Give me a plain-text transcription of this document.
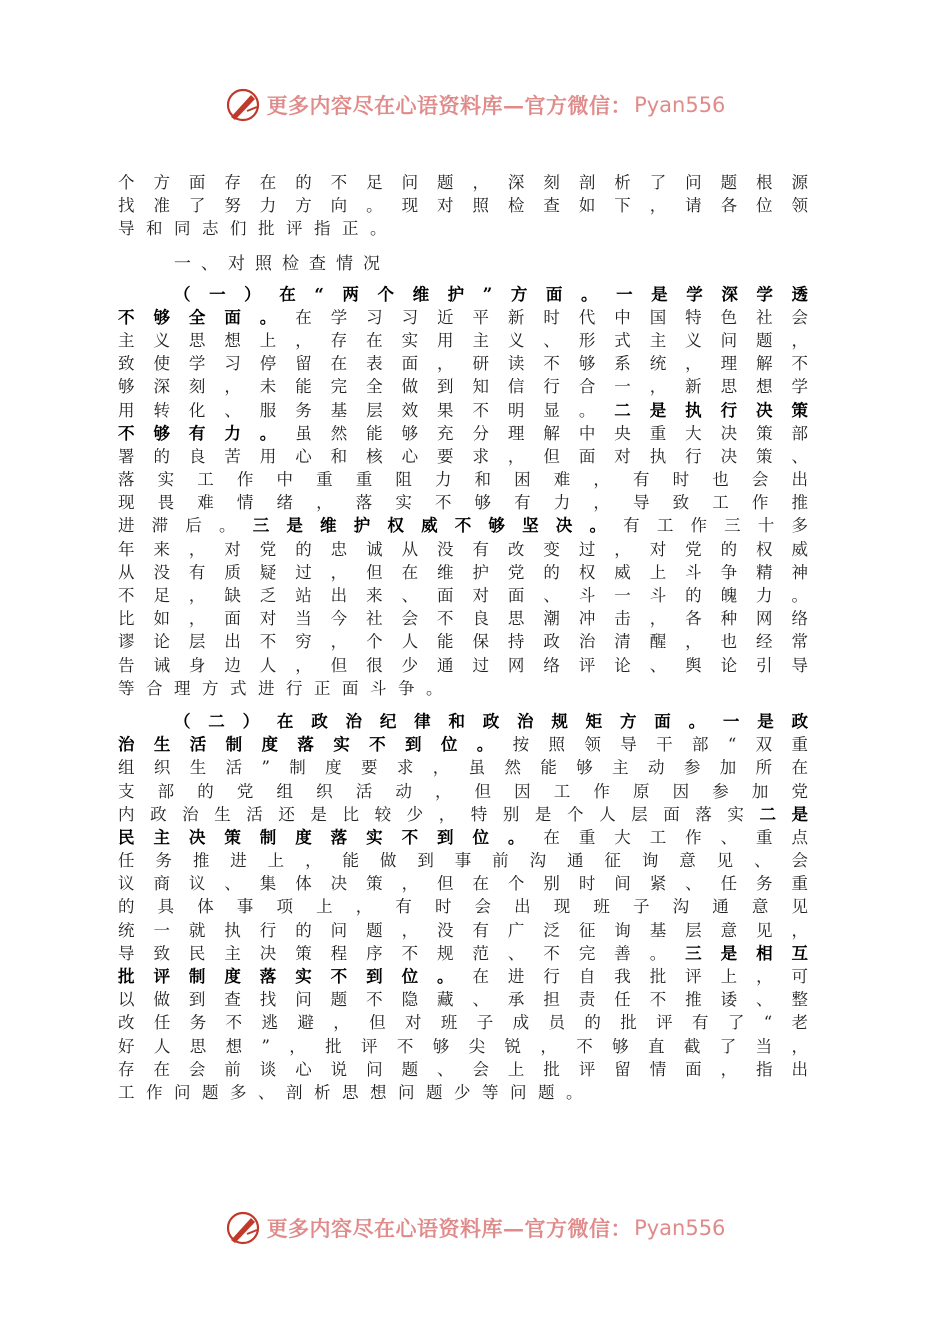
更多内容尽在心语资料库—官方微信： Pyan556
个方面存在的不足问题，深刻剖析了问题根源
找准了努力方向。现对照检查如下，请各位领
导和同志们批评指正。
一、对照检查情况
（一）在“两个维护”方面。一是学深学透
不够全面。在学习习近平新时代中国特色社会
主义思想上，存在实用主义、形式主义问题，
致使学习停留在表面，研读不够系统，理解不
够深刻，未能完全做到知信行合一，新思想学
用转化、服务基层效果不明显。二是执行决策
不够有力。虽然能够充分理解中央重大决策部
署的良苦用心和核心要求，但面对执行决策、
落实工作中重重阻力和困难，有时也会出
现畏难情绪，落实不够有力，导致工作推
进滞后。三是维护权威不够坚决。有工作三十多
年来，对党的忠诚从没有改变过，对党的权威
从没有质疑过，但在维护党的权威上斗争精神
不足，缺乏站出来、面对面、斗一斗的魄力。
比如，面对当今社会不良思潮冲击，各种网络
谬论层出不穷，个人能保持政治清醒，也经常
告诫身边人，但很少通过网络评论、舆论引导
等合理方式进行正面斗争。
（二）在政治纪律和政治规矩方面。一是政
治生活制度落实不到位。按照领导干部“双重
组织生活”制度要求，虽然能够主动参加所在
支部的党组织活动，但因工作原因参加党
内政治生活还是比较少，特别是个人层面落实二是
民主决策制度落实不到位。在重大工作、重点
任务推进上，能做到事前沟通征询意见、会
议商议、集体决策，但在个别时间紧、任务重
的具体事项上，有时会出现班子沟通意见
统一就执行的问题，没有广泛征询基层意见，
导致民主决策程序不规范、不完善。三是相互
批评制度落实不到位。在进行自我批评上，可
以做到查找问题不隐藏、承担责任不推诿、整
改任务不逃避，但对班子成员的批评有了“老
好人思想”，批评不够尖锐，不够直截了当，
存在会前谈心说问题、会上批评留情面，指出
工作问题多、剖析思想问题少等问题。
更多内容尽在心语资料库—官方微信： Pyan556
